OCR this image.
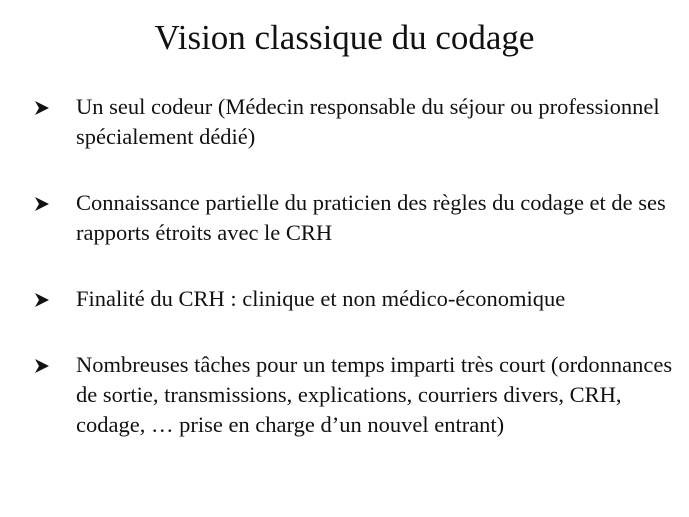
Vision classique du codage
Un seul codeur (Médecin responsable du séjour ou professionnel spécialement dédié)
Connaissance partielle du praticien des règles du codage et de ses rapports étroits avec le CRH
Finalité du CRH : clinique et non médico-économique
Nombreuses tâches pour un temps imparti très court (ordonnances de sortie, transmissions, explications, courriers divers, CRH, codage, … prise en charge d’un nouvel entrant)
